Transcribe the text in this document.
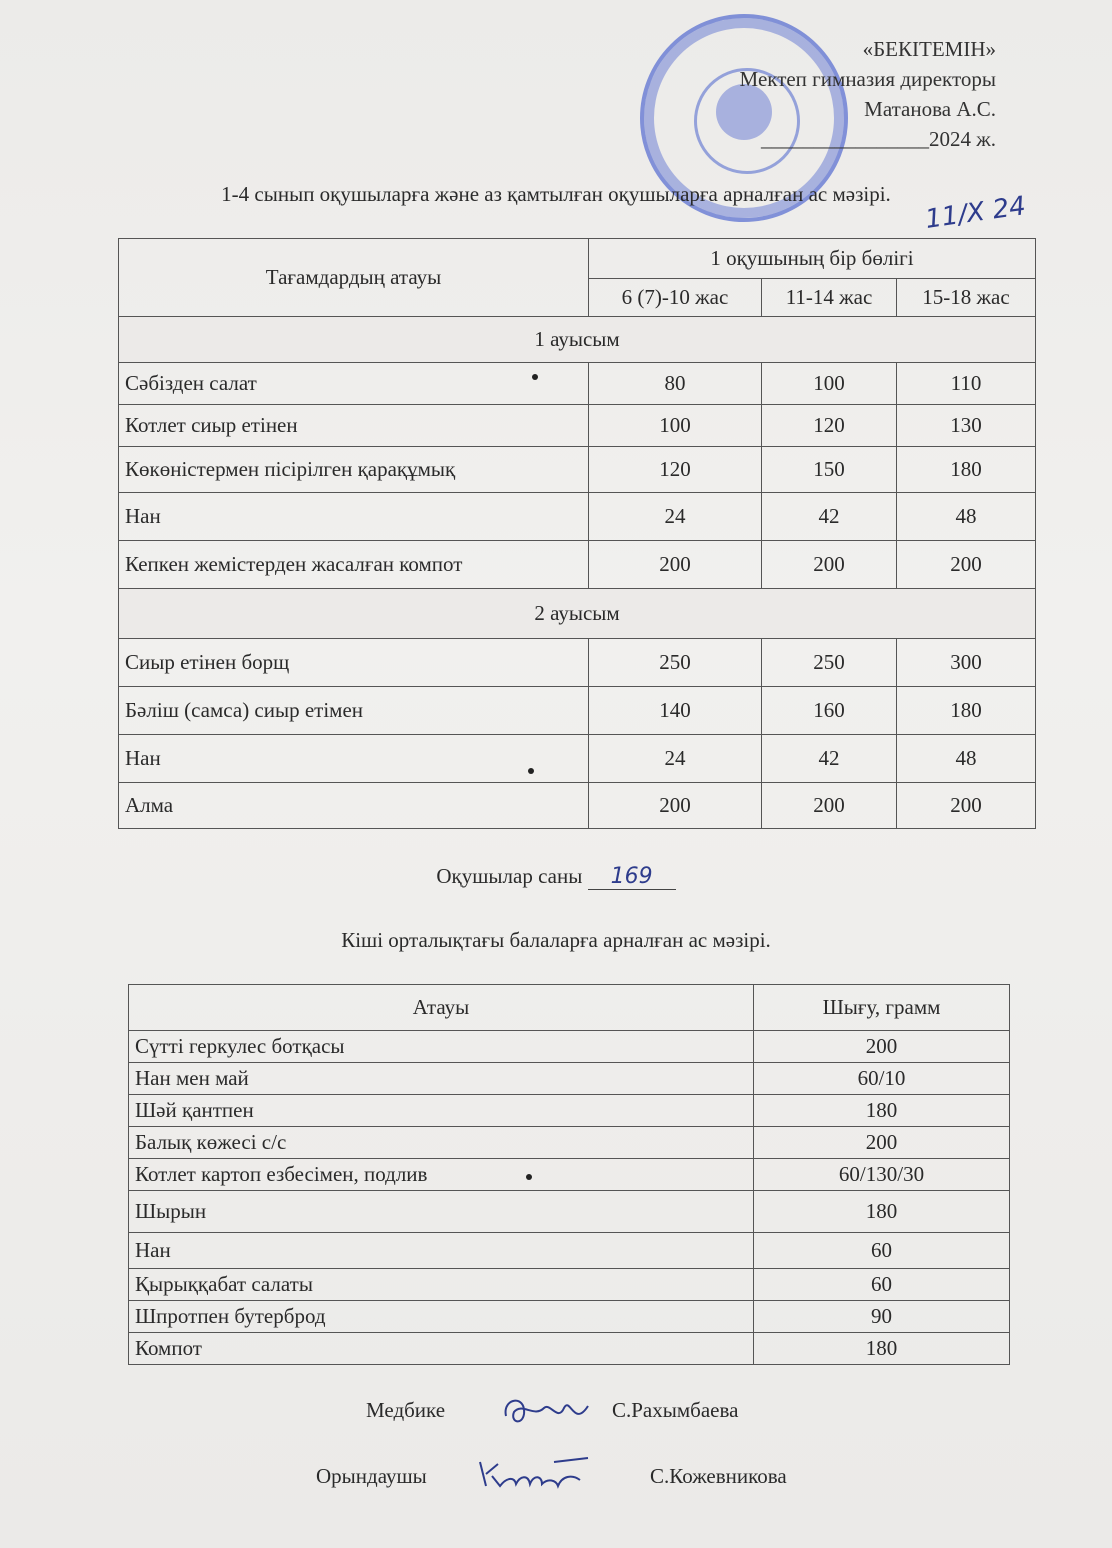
«БЕКІТЕМІН»
Мектеп гимназия директоры
Матанова А.С.
________________2024 ж.
1-4 сынып оқушыларға және аз қамтылған оқушыларға арналған ас мәзірі.	11/X 24
Тағамдардың атауы	1 оқушының бір бөлігі		
	6 (7)-10 жас	11-14 жас	15-18 жас
1 ауысым			
Сәбізден салат	80	100	110
Котлет сиыр етінен	100	120	130
Көкөністермен пісірілген қарақұмық	120	150	180
Нан	24	42	48
Кепкен жемістерден жасалған компот	200	200	200
2 ауысым			
Сиыр етінен борщ	250	250	300
Бәліш (самса) сиыр етімен	140	160	180
Нан	24	42	48
Алма	200	200	200
Оқушылар саны 169
Кіші орталықтағы балаларға арналған ас мәзірі.
Атауы	Шығу, грамм
Сүтті геркулес ботқасы	200
Нан мен май	60/10
Шәй қантпен	180
Балық көжесі с/с	200
Котлет картоп езбесімен, подлив	60/130/30
Шырын	180
Нан	60
Қырыққабат салаты	60
Шпротпен бутерброд	90
Компот	180
Медбике	С.Рахымбаева
Орындаушы	С.Кожевникова
